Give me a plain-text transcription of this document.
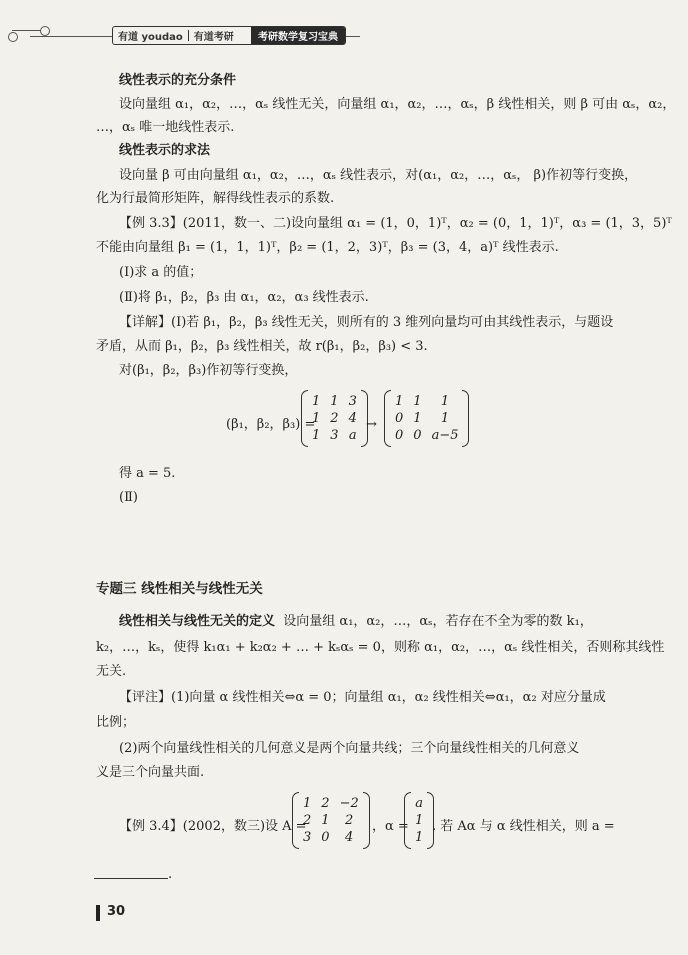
有道 youdao	有道考研	考研数学复习宝典
线性表示的充分条件
设向量组 α₁，α₂，…，αₛ 线性无关，向量组 α₁，α₂，…，αₛ，β 线性相关，则 β 可由 αₛ，α₂，
…，αₛ 唯一地线性表示.
线性表示的求法
设向量 β 可由向量组 α₁，α₂，…，αₛ 线性表示，对(α₁，α₂，…，αₛ， β)作初等行变换，
化为行最简形矩阵，解得线性表示的系数.
【例 3.3】(2011，数一、二)设向量组 α₁ = (1，0，1)ᵀ，α₂ = (0，1，1)ᵀ，α₃ = (1，3，5)ᵀ
不能由向量组 β₁ = (1，1，1)ᵀ，β₂ = (1，2，3)ᵀ，β₃ = (3，4，a)ᵀ 线性表示.
(Ⅰ)求 a 的值；
(Ⅱ)将 β₁，β₂，β₃ 由 α₁，α₂，α₃ 线性表示.
【详解】(Ⅰ)若 β₁，β₂，β₃ 线性无关，则所有的 3 维列向量均可由其线性表示，与题设
矛盾，从而 β₁，β₂，β₃ 线性相关，故 r(β₁，β₂，β₃) < 3.
对(β₁，β₂，β₃)作初等行变换，
(β₁，β₂，β₃) =
1	1	3
1	2	4
1	3	a
→
1	1	1
0	1	1
0	0	a−5
得 a = 5.
(Ⅱ)
专题三 线性相关与线性无关
线性相关与线性无关的定义 设向量组 α₁，α₂，…，αₛ，若存在不全为零的数 k₁，
k₂，…，kₛ，使得 k₁α₁ + k₂α₂ + … + kₛαₛ = 0，则称 α₁，α₂，…，αₛ 线性相关，否则称其线性
无关.
【评注】(1)向量 α 线性相关⇔α = 0；向量组 α₁，α₂ 线性相关⇔α₁，α₂ 对应分量成
比例；
(2)两个向量线性相关的几何意义是两个向量共线；三个向量线性相关的几何意义
义是三个向量共面.
【例 3.4】(2002，数三)设 A =
1	2	−2
2	1	2
3	0	4
，α =
a
1
1
. 若 Aα 与 α 线性相关，则 a =
.
30
